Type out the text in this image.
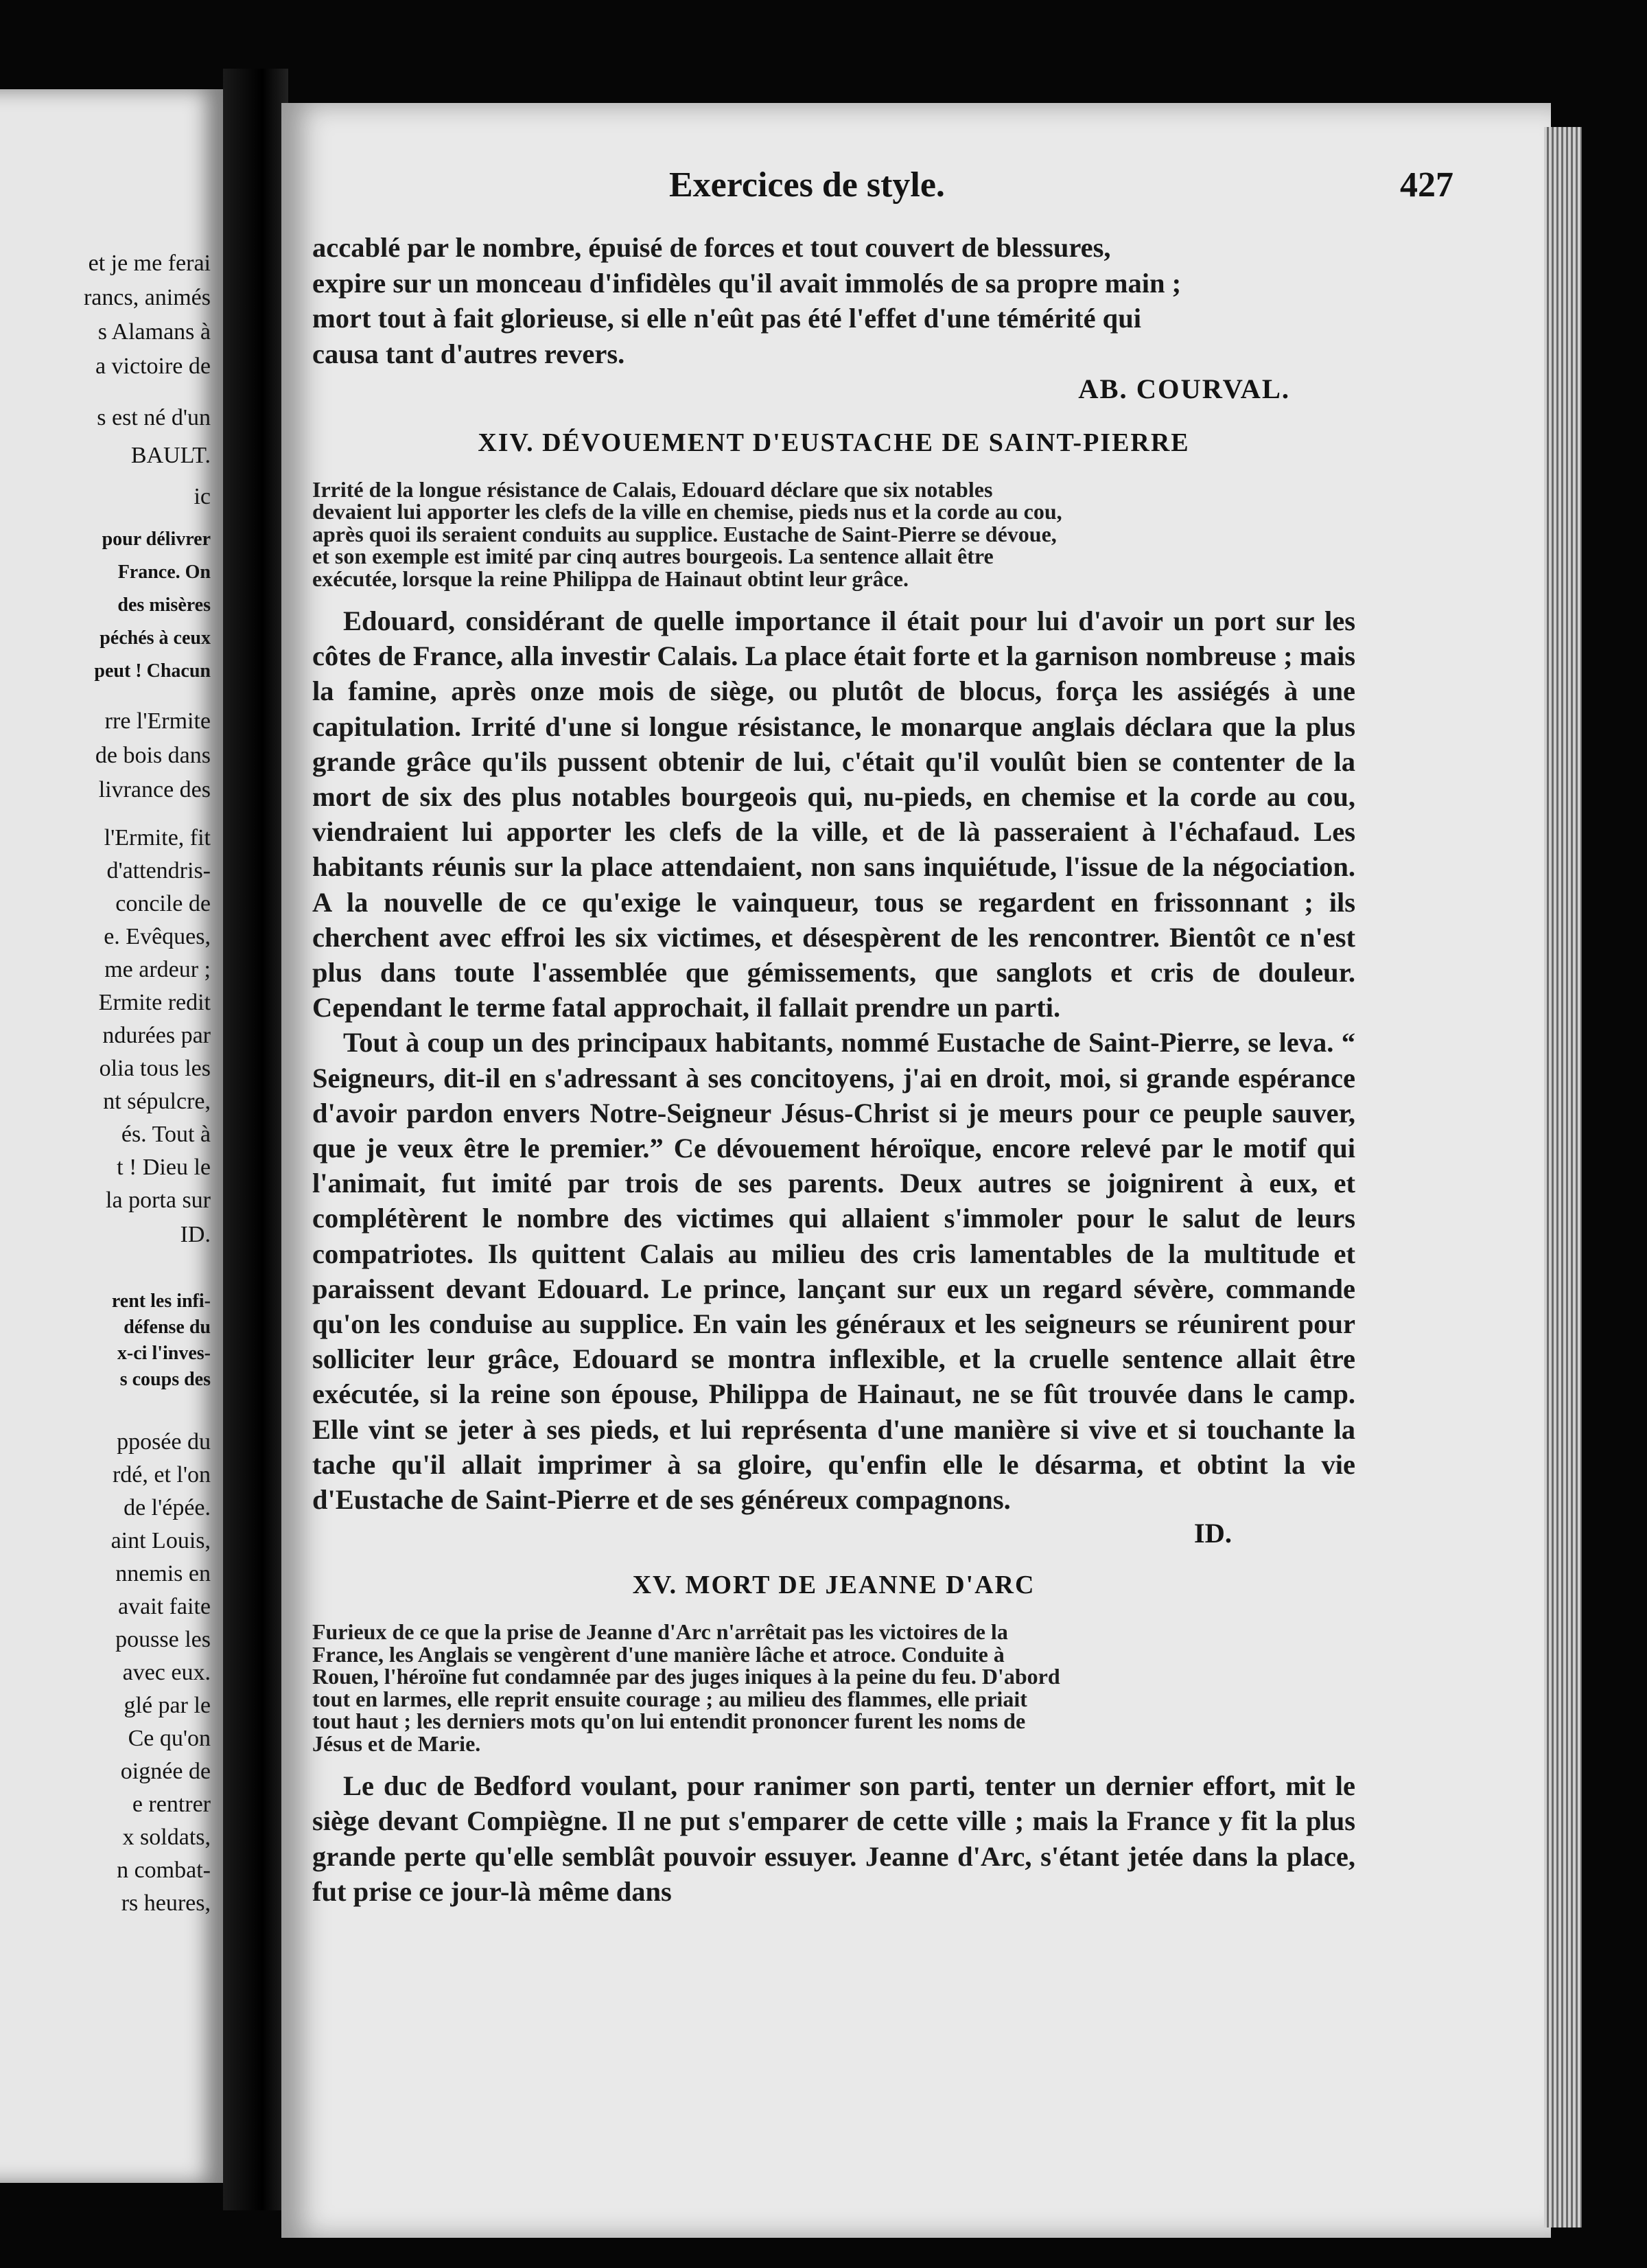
et je me ferai
rancs, animés
s Alamans à
a victoire de
s est né d'un
BAULT.
ic
pour délivrer
France. On
des misères
péchés à ceux
peut ! Chacun
rre l'Ermite
de bois dans
livrance des
l'Ermite, fit
d'attendris-
concile de
e. Evêques,
me ardeur ;
Ermite redit
ndurées par
olia tous les
nt sépulcre,
és. Tout à
t ! Dieu le
la porta sur
ID.
rent les infi-
défense du
x-ci l'inves-
s coups des
pposée du
rdé, et l'on
de l'épée.
aint Louis,
nnemis en
avait faite
pousse les
avec eux.
glé par le
Ce qu'on
oignée de
e rentrer
x soldats,
n combat-
rs heures,
Exercices de style.	427
accablé par le nombre, épuisé de forces et tout couvert de blessures,
expire sur un monceau d'infidèles qu'il avait immolés de sa propre main ;
mort tout à fait glorieuse, si elle n'eût pas été l'effet d'une témérité qui
causa tant d'autres revers.
AB. COURVAL.
XIV. DÉVOUEMENT D'EUSTACHE DE SAINT-PIERRE
Irrité de la longue résistance de Calais, Edouard déclare que six notables
devaient lui apporter les clefs de la ville en chemise, pieds nus et la corde au cou,
après quoi ils seraient conduits au supplice. Eustache de Saint-Pierre se dévoue,
et son exemple est imité par cinq autres bourgeois. La sentence allait être
exécutée, lorsque la reine Philippa de Hainaut obtint leur grâce.

Edouard, considérant de quelle importance il était pour lui d'avoir un port sur les côtes de France, alla investir Calais. La place était forte et la garnison nombreuse ; mais la famine, après onze mois de siège, ou plutôt de blocus, força les assiégés à une capitulation. Irrité d'une si longue résistance, le monarque anglais déclara que la plus grande grâce qu'ils pussent obtenir de lui, c'était qu'il voulût bien se contenter de la mort de six des plus notables bourgeois qui, nu-pieds, en chemise et la corde au cou, viendraient lui apporter les clefs de la ville, et de là passeraient à l'échafaud. Les habitants réunis sur la place attendaient, non sans inquiétude, l'issue de la négociation. A la nouvelle de ce qu'exige le vainqueur, tous se regardent en frissonnant ; ils cherchent avec effroi les six victimes, et désespèrent de les rencontrer. Bientôt ce n'est plus dans toute l'assemblée que gémissements, que sanglots et cris de douleur. Cependant le terme fatal approchait, il fallait prendre un parti.

Tout à coup un des principaux habitants, nommé Eustache de Saint-Pierre, se leva. “ Seigneurs, dit-il en s'adressant à ses concitoyens, j'ai en droit, moi, si grande espérance d'avoir pardon envers Notre-Seigneur Jésus-Christ si je meurs pour ce peuple sauver, que je veux être le premier.” Ce dévouement héroïque, encore relevé par le motif qui l'animait, fut imité par trois de ses parents. Deux autres se joignirent à eux, et complétèrent le nombre des victimes qui allaient s'immoler pour le salut de leurs compatriotes. Ils quittent Calais au milieu des cris lamentables de la multitude et paraissent devant Edouard. Le prince, lançant sur eux un regard sévère, commande qu'on les conduise au supplice. En vain les généraux et les seigneurs se réunirent pour solliciter leur grâce, Edouard se montra inflexible, et la cruelle sentence allait être exécutée, si la reine son épouse, Philippa de Hainaut, ne se fût trouvée dans le camp. Elle vint se jeter à ses pieds, et lui représenta d'une manière si vive et si touchante la tache qu'il allait imprimer à sa gloire, qu'enfin elle le désarma, et obtint la vie d'Eustache de Saint-Pierre et de ses généreux compagnons.

ID.
XV. MORT DE JEANNE D'ARC
Furieux de ce que la prise de Jeanne d'Arc n'arrêtait pas les victoires de la
France, les Anglais se vengèrent d'une manière lâche et atroce. Conduite à
Rouen, l'héroïne fut condamnée par des juges iniques à la peine du feu. D'abord
tout en larmes, elle reprit ensuite courage ; au milieu des flammes, elle priait
tout haut ; les derniers mots qu'on lui entendit prononcer furent les noms de
Jésus et de Marie.

Le duc de Bedford voulant, pour ranimer son parti, tenter un dernier effort, mit le siège devant Compiègne. Il ne put s'emparer de cette ville ; mais la France y fit la plus grande perte qu'elle semblât pouvoir essuyer. Jeanne d'Arc, s'étant jetée dans la place, fut prise ce jour-là même dans
